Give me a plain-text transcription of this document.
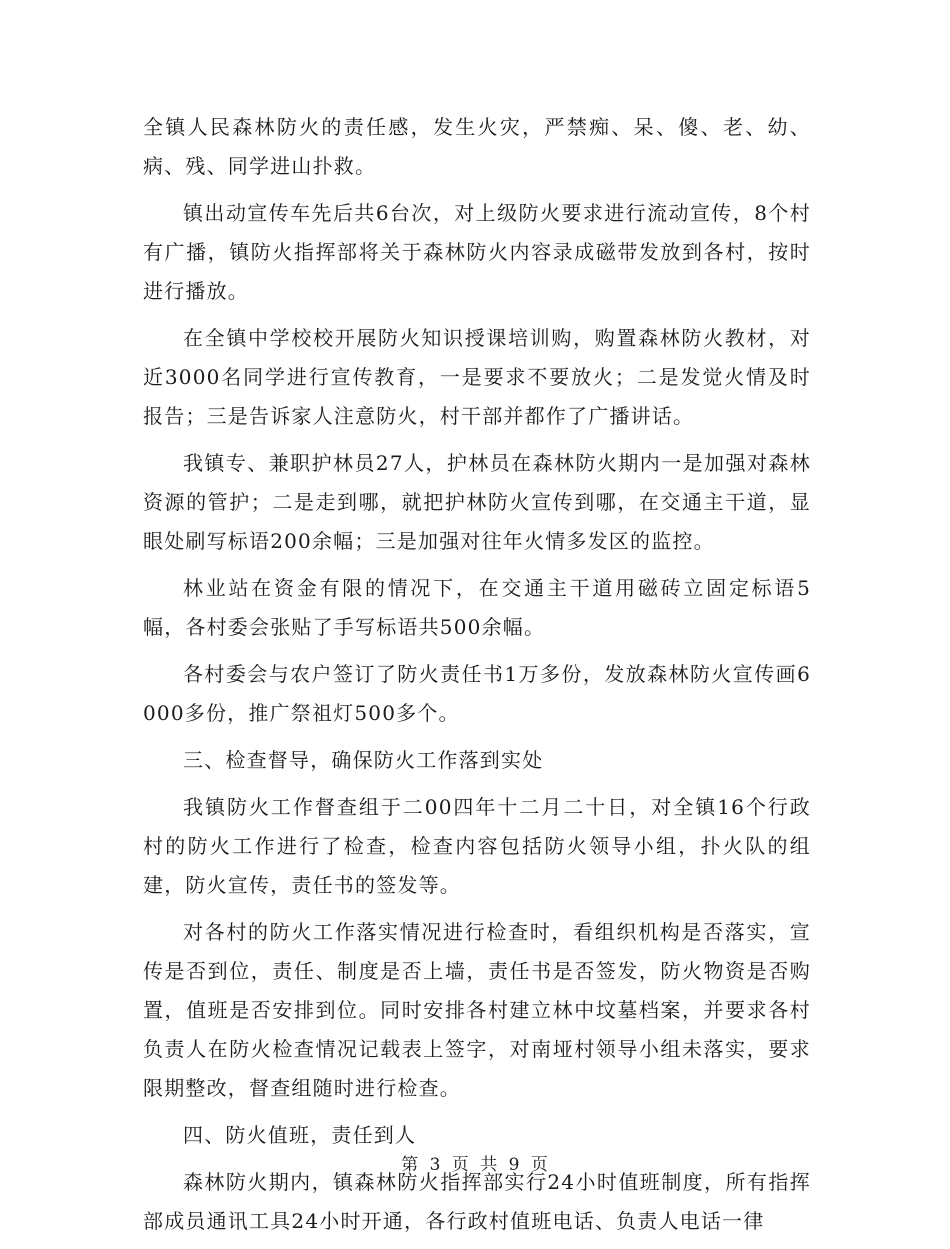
全镇人民森林防火的责任感，发生火灾，严禁痴、呆、傻、老、幼、病、残、同学进山扑救。

镇出动宣传车先后共6台次，对上级防火要求进行流动宣传，8个村有广播，镇防火指挥部将关于森林防火内容录成磁带发放到各村，按时进行播放。

在全镇中学校校开展防火知识授课培训购，购置森林防火教材，对近3000名同学进行宣传教育，一是要求不要放火；二是发觉火情及时报告；三是告诉家人注意防火，村干部并都作了广播讲话。

我镇专、兼职护林员27人，护林员在森林防火期内一是加强对森林资源的管护；二是走到哪，就把护林防火宣传到哪，在交通主干道，显眼处刷写标语200余幅；三是加强对往年火情多发区的监控。

林业站在资金有限的情况下，在交通主干道用磁砖立固定标语5幅，各村委会张贴了手写标语共500余幅。

各村委会与农户签订了防火责任书1万多份，发放森林防火宣传画6000多份，推广祭祖灯500多个。

三、检查督导，确保防火工作落到实处

我镇防火工作督查组于二00四年十二月二十日，对全镇16个行政村的防火工作进行了检查，检查内容包括防火领导小组，扑火队的组建，防火宣传，责任书的签发等。

对各村的防火工作落实情况进行检查时，看组织机构是否落实，宣传是否到位，责任、制度是否上墙，责任书是否签发，防火物资是否购置，值班是否安排到位。同时安排各村建立林中坟墓档案，并要求各村负责人在防火检查情况记载表上签字，对南垭村领导小组未落实，要求限期整改，督查组随时进行检查。

四、防火值班，责任到人

森林防火期内，镇森林防火指挥部实行24小时值班制度，所有指挥部成员通讯工具24小时开通，各行政村值班电话、负责人电话一律

第 3 页 共 9 页
